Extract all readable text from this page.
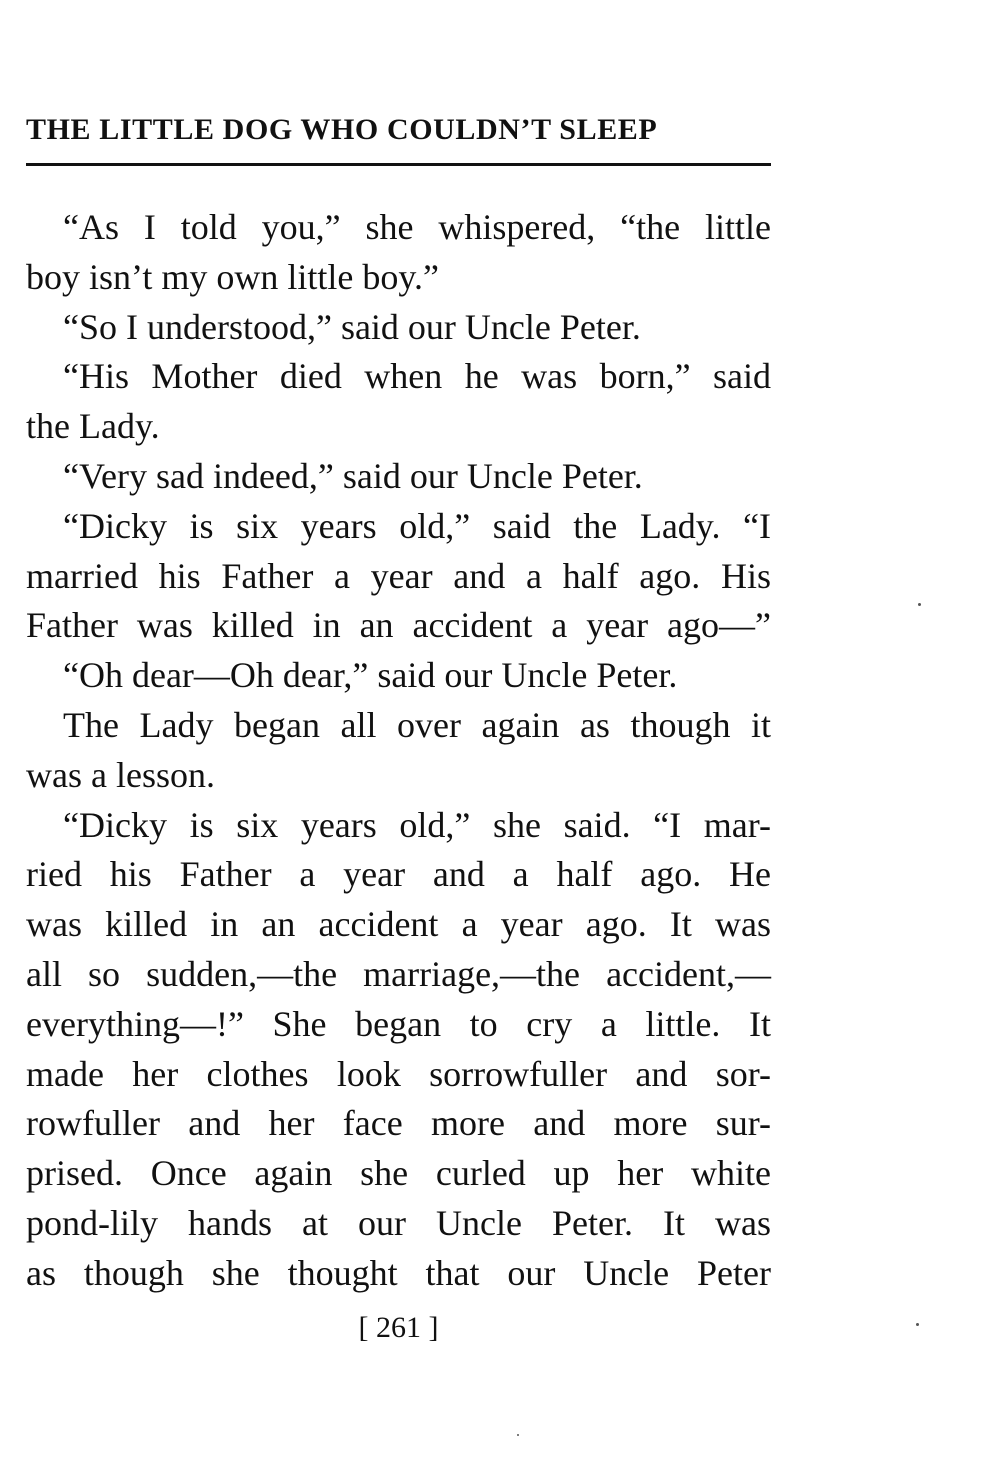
THE LITTLE DOG WHO COULDN’T SLEEP
“As I told you,” she whispered, “the little
boy isn’t my own little boy.”
“So I understood,” said our Uncle Peter.
“His Mother died when he was born,” said
the Lady.
“Very sad indeed,” said our Uncle Peter.
“Dicky is six years old,” said the Lady. “I
married his Father a year and a half ago. His
Father was killed in an accident a year ago—”
“Oh dear—Oh dear,” said our Uncle Peter.
The Lady began all over again as though it
was a lesson.
“Dicky is six years old,” she said. “I mar-
ried his Father a year and a half ago. He
was killed in an accident a year ago. It was
all so sudden,—the marriage,—the accident,—
everything—!” She began to cry a little. It
made her clothes look sorrowfuller and sor-
rowfuller and her face more and more sur-
prised. Once again she curled up her white
pond-lily hands at our Uncle Peter. It was
as though she thought that our Uncle Peter
[ 261 ]
